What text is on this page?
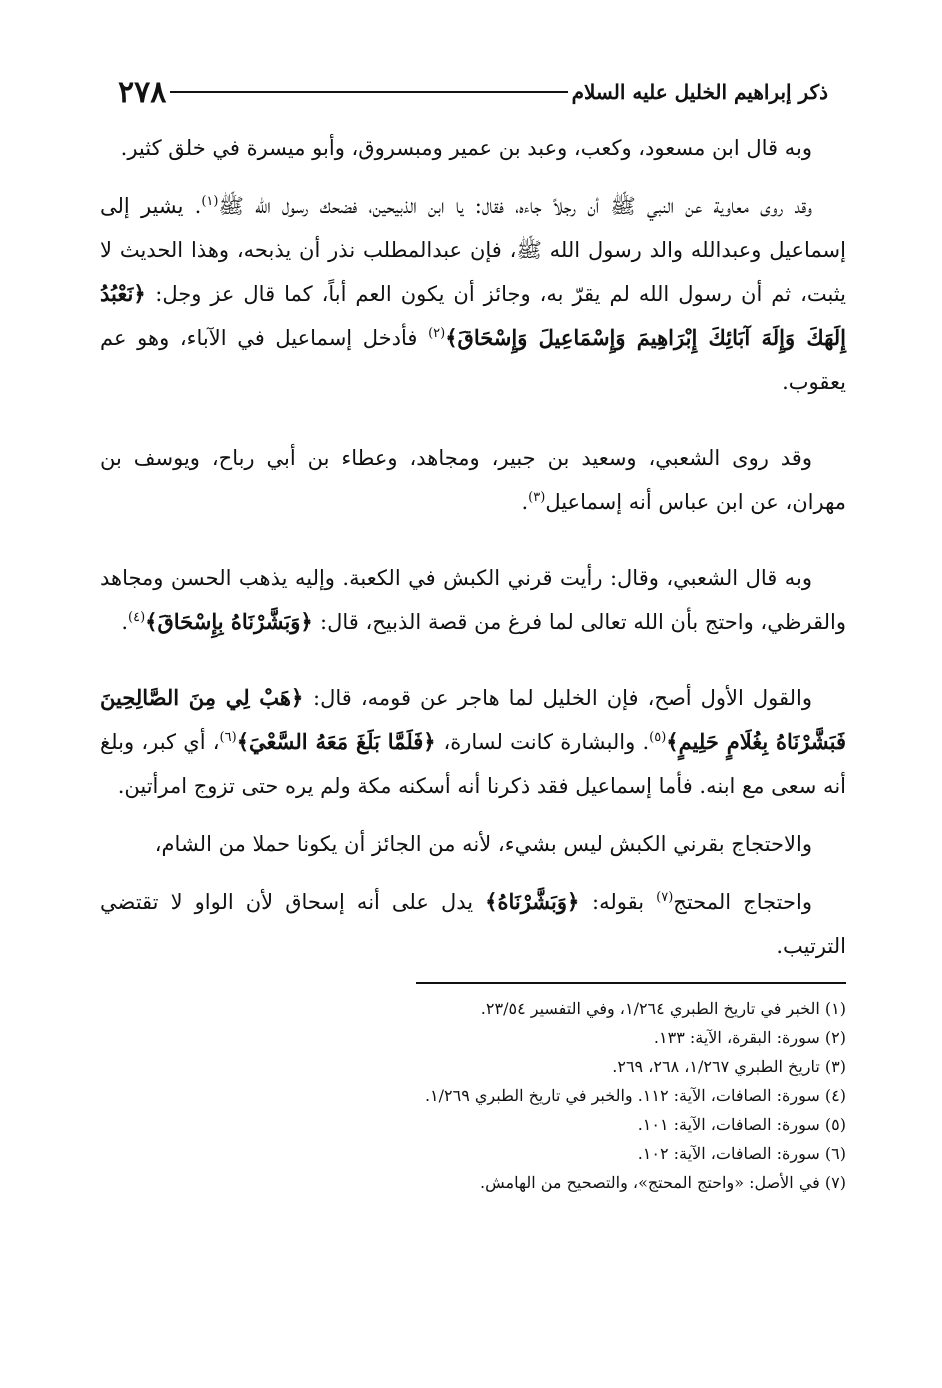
ذكر إبراهيم الخليل عليه السلام
٢٧٨

وبه قال ابن مسعود، وكعب، وعبد بن عمير ومبسروق، وأبو ميسرة في خلق كثير.

وقد روى معاوية عن النبي ﷺ أن رجلاً جاءه، فقال: يا ابن الذبيحين، فضحك رسول الله ﷺ$^{(١)}$. يشير إلى إسماعيل وعبدالله والد رسول الله ﷺ، فإن عبدالمطلب نذر أن يذبحه، وهذا الحديث لا يثبت، ثم أن رسول الله لم يقرّ به، وجائز أن يكون العم أباً، كما قال عز وجل: ﴿نَعْبُدُ إِلَهَكَ وَإِلَهَ آبَائِكَ إِبْرَاهِيمَ وَإِسْمَاعِيلَ وَإِسْحَاقَ﴾$^{(٢)}$ فأدخل إسماعيل في الآباء، وهو عم يعقوب.

وقد روى الشعبي، وسعيد بن جبير، ومجاهد، وعطاء بن أبي رباح، ويوسف بن مهران، عن ابن عباس أنه إسماعيل$^{(٣)}$.

وبه قال الشعبي، وقال: رأيت قرني الكبش في الكعبة. وإليه يذهب الحسن ومجاهد والقرظي، واحتج بأن الله تعالى لما فرغ من قصة الذبيح، قال: ﴿وَبَشَّرْنَاهُ بِإِسْحَاقَ﴾$^{(٤)}$.

والقول الأول أصح، فإن الخليل لما هاجر عن قومه، قال: ﴿هَبْ لِي مِنَ الصَّالِحِينَ فَبَشَّرْنَاهُ بِغُلَامٍ حَلِيمٍ﴾$^{(٥)}$. والبشارة كانت لسارة، ﴿فَلَمَّا بَلَغَ مَعَهُ السَّعْيَ﴾$^{(٦)}$، أي كبر، وبلغ أنه سعى مع ابنه. فأما إسماعيل فقد ذكرنا أنه أسكنه مكة ولم يره حتى تزوج امرأتين.

والاحتجاج بقرني الكبش ليس بشيء، لأنه من الجائز أن يكونا حملا من الشام،

واحتجاج المحتج$^{(٧)}$ بقوله: ﴿وَبَشَّرْنَاهُ﴾ يدل على أنه إسحاق لأن الواو لا تقتضي الترتيب.

(١) الخبر في تاريخ الطبري ١/٢٦٤، وفي التفسير ٢٣/٥٤.

(٢) سورة: البقرة، الآية: ١٣٣.

(٣) تاريخ الطبري ١/٢٦٧، ٢٦٨، ٢٦٩.

(٤) سورة: الصافات، الآية: ١١٢. والخبر في تاريخ الطبري ١/٢٦٩.

(٥) سورة: الصافات، الآية: ١٠١.

(٦) سورة: الصافات، الآية: ١٠٢.

(٧) في الأصل: «واحتج المحتج»، والتصحيح من الهامش.
